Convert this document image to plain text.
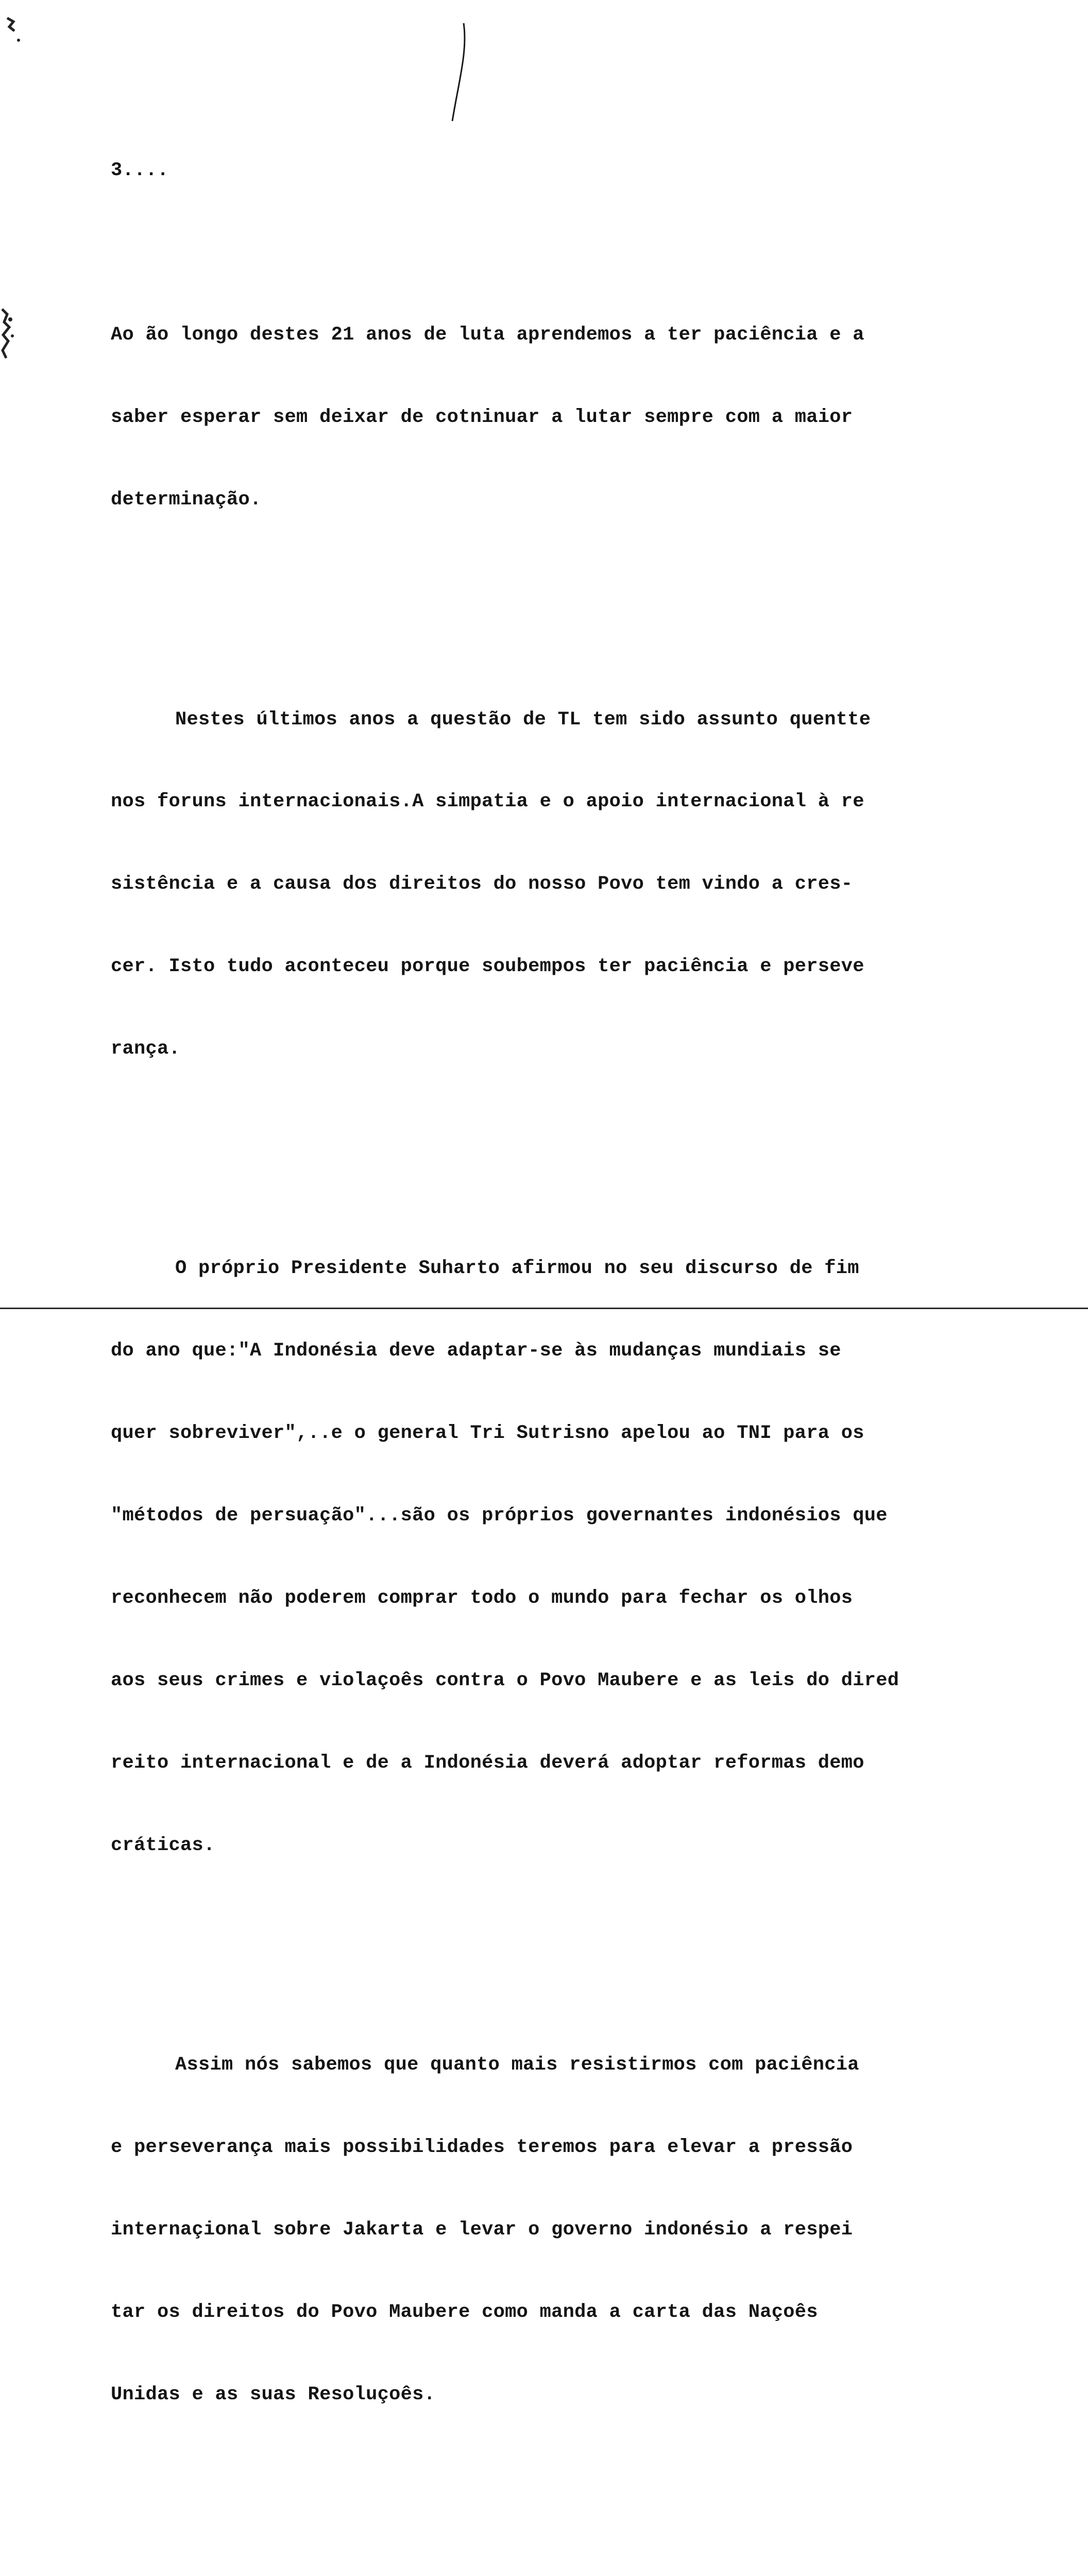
3....

Ao ão longo destes 21 anos de luta aprendemos a ter paciência e a

saber esperar sem deixar de cotninuar a lutar sempre com a maior

determinação.

Nestes últimos anos a questão de TL tem sido assunto quentte

nos foruns internacionais.A simpatia e o apoio internacional à re

sistência e a causa dos direitos do nosso Povo tem vindo a cres-

cer. Isto tudo aconteceu porque soubempos ter paciência e perseve

rança.

O próprio Presidente Suharto afirmou no seu discurso de fim

do ano que:"A Indonésia deve adaptar-se às mudanças mundiais se

quer sobreviver",..e o general Tri Sutrisno apelou ao TNI para os

"métodos de persuação"...são os próprios governantes indonésios que

reconhecem não poderem comprar todo o mundo para fechar os olhos

aos seus crimes e violaçoês contra o Povo Maubere e as leis do dired

reito internacional e de a Indonésia deverá adoptar reformas demo

cráticas.

Assim nós sabemos que quanto mais resistirmos com paciência

e perseverança mais possibilidades teremos para elevar a pressão

internaçional sobre Jakarta e levar o governo indonésio a respei

tar os direitos do Povo Maubere como manda a carta das Naçoês

Unidas e as suas Resoluçoês.
